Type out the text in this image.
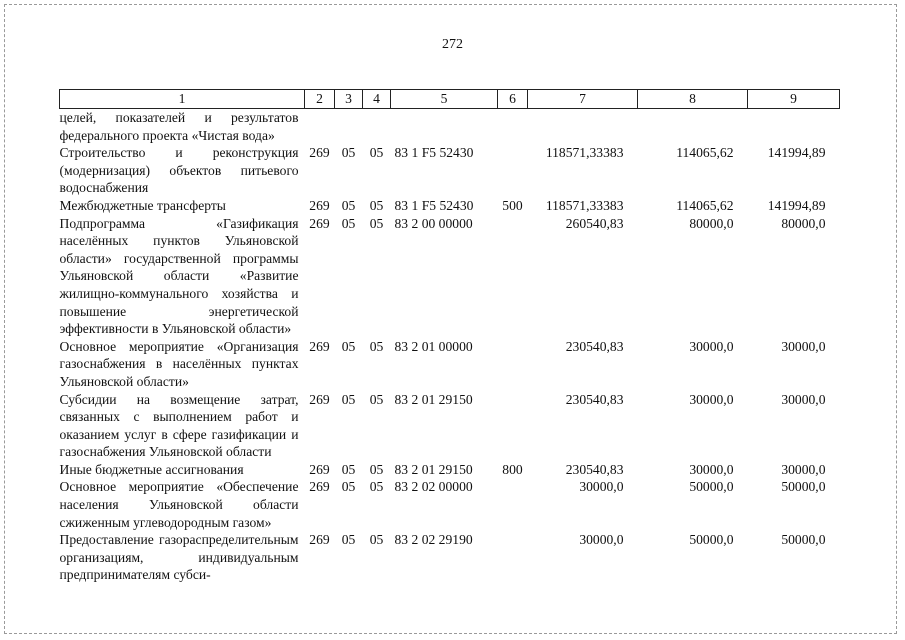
272
1	2	3	4	5	6	7	8	9
целей, показателей и результатов федерального проекта «Чистая вода»								
Строительство и реконструкция (модернизация) объектов питьевого водоснабжения	269	05	05	83 1 F5 52430		118571,33383	114065,62	141994,89
Межбюджетные трансферты	269	05	05	83 1 F5 52430	500	118571,33383	114065,62	141994,89
Подпрограмма «Газификация населённых пунктов Ульяновской области» государственной программы Ульяновской области «Развитие жилищно-коммунального хозяйства и повышение энергетической эффективности в Ульяновской области»	269	05	05	83 2 00 00000		260540,83	80000,0	80000,0
Основное мероприятие «Организация газоснабжения в населённых пунктах Ульяновской области»	269	05	05	83 2 01 00000		230540,83	30000,0	30000,0
Субсидии на возмещение затрат, связанных с выполнением работ и оказанием услуг в сфере газификации и газоснабжения Ульяновской области	269	05	05	83 2 01 29150		230540,83	30000,0	30000,0
Иные бюджетные ассигнования	269	05	05	83 2 01 29150	800	230540,83	30000,0	30000,0
Основное мероприятие «Обеспечение населения Ульяновской области сжиженным углеводородным газом»	269	05	05	83 2 02 00000		30000,0	50000,0	50000,0
Предоставление газораспределительным организациям, индивидуальным предпринимателям субси-	269	05	05	83 2 02 29190		30000,0	50000,0	50000,0
